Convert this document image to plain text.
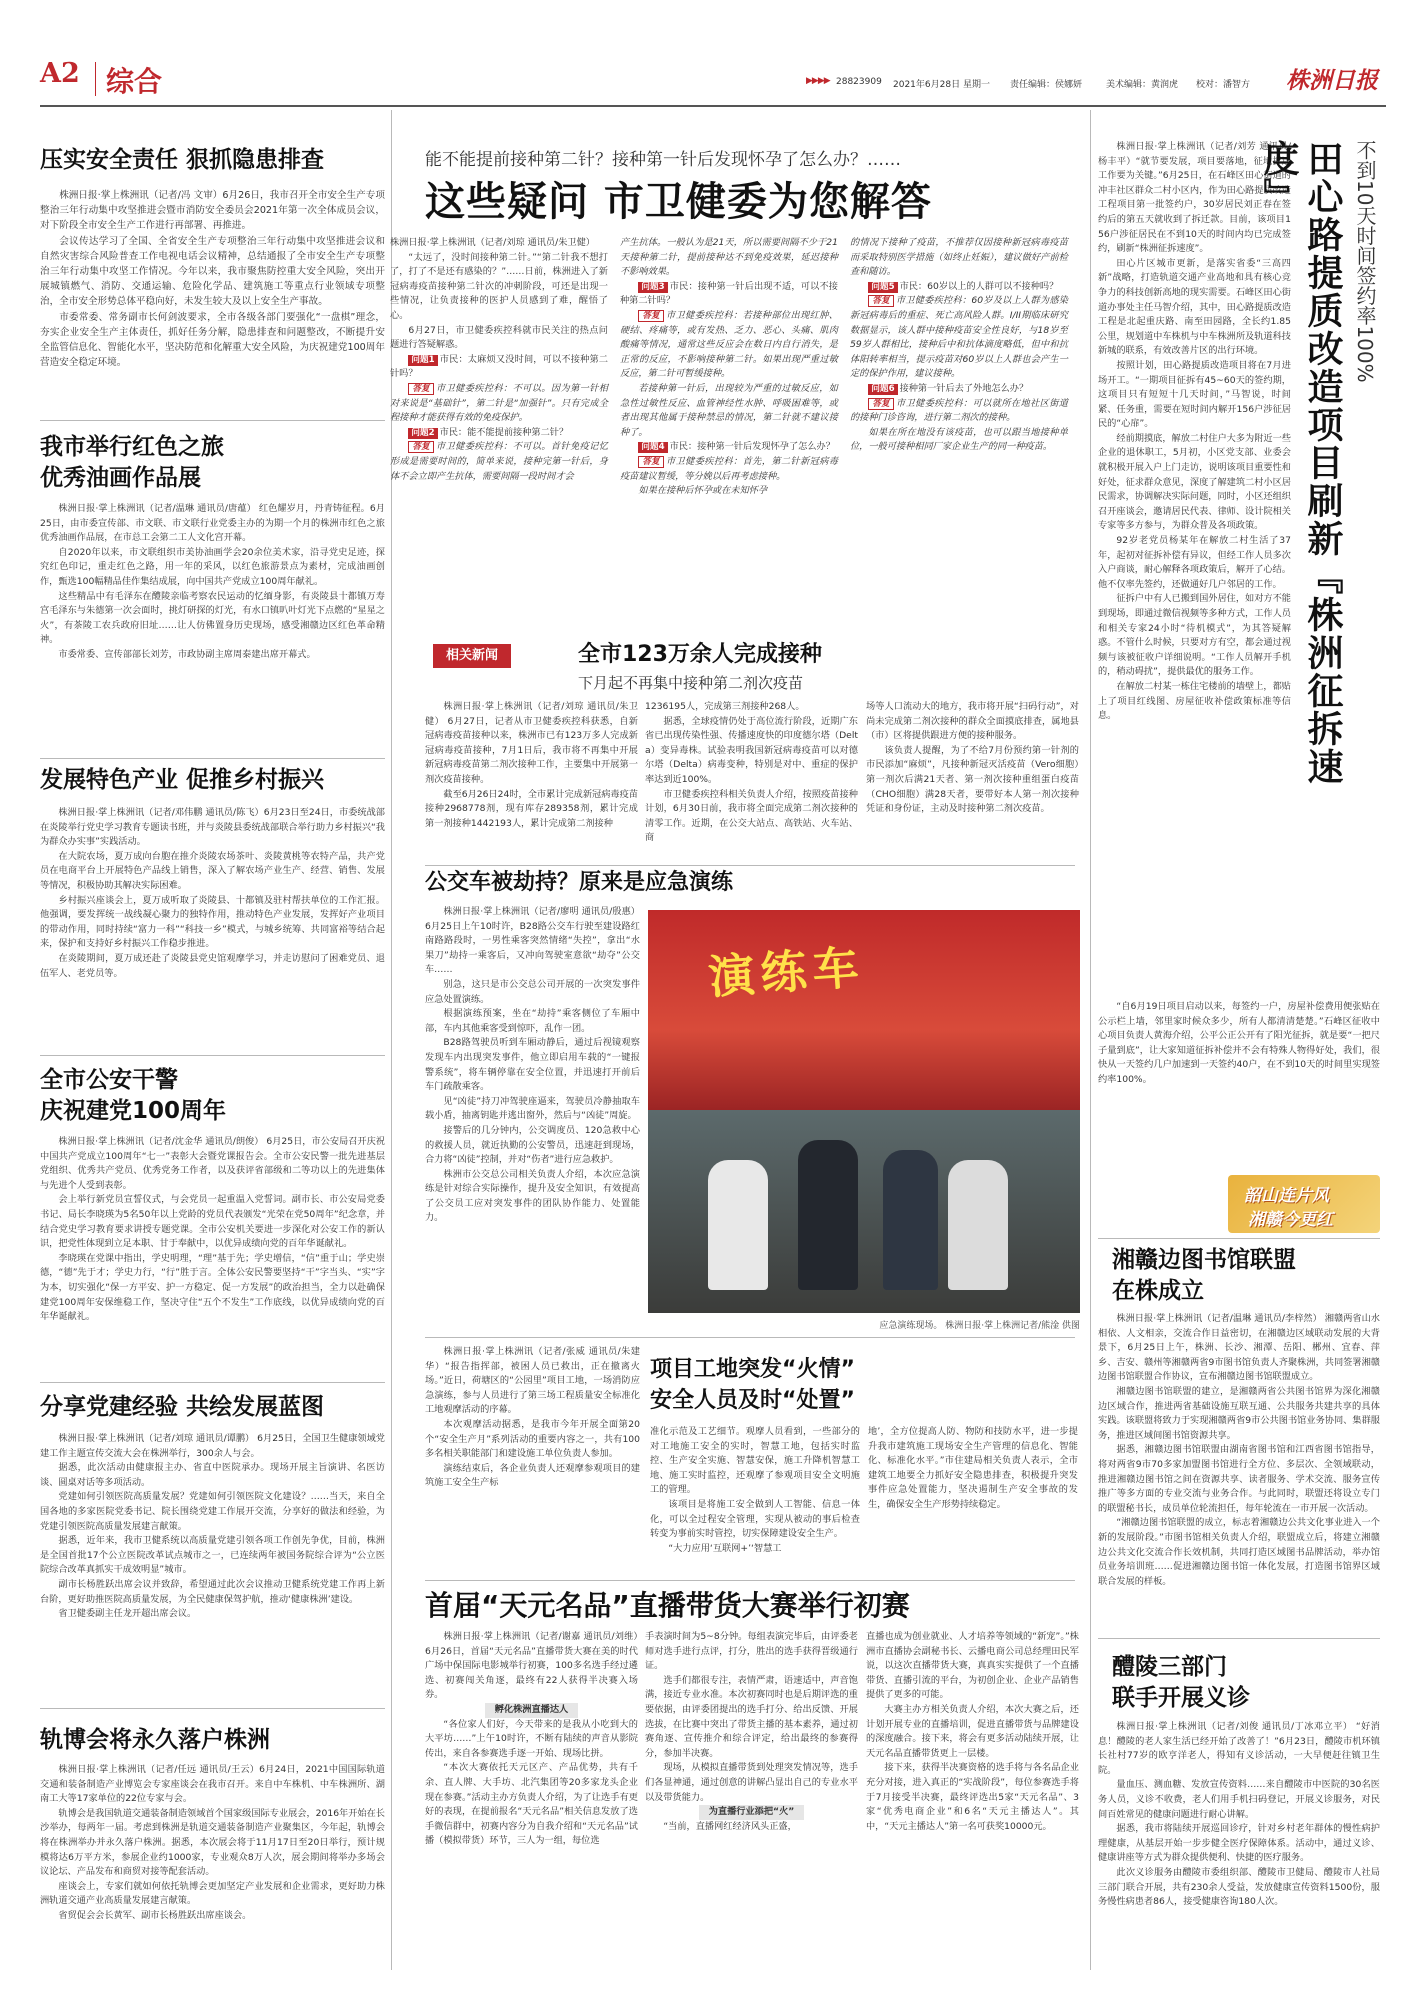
A2 综合	▶▶▶▶ 28823909	2021年6月28日 星期一	责任编辑：侯娜妍	美术编辑：黄润虎	校对：潘智方	株洲日报
压实安全责任 狠抓隐患排查

株洲日报·掌上株洲讯（记者/冯 文审）6月26日，我市召开全市安全生产专项整治三年行动集中攻坚推进会暨市消防安全委员会2021年第一次全体成员会议，对下阶段全市安全生产工作进行再部署、再推进。

会议传达学习了全国、全省安全生产专项整治三年行动集中攻坚推进会议和自然灾害综合风险普查工作电视电话会议精神，总结通报了全市安全生产专项整治三年行动集中攻坚工作情况。今年以来，我市聚焦防控重大安全风险，突出开展城镇燃气、消防、交通运输、危险化学品、建筑施工等重点行业领域专项整治，全市安全形势总体平稳向好，未发生较大及以上安全生产事故。

市委常委、常务副市长何剑波要求，全市各级各部门要强化“一盘棋”理念，夯实企业安全生产主体责任，抓好任务分解，隐患排查和问题整改，不断提升安全监管信息化、智能化水平，坚决防范和化解重大安全风险，为庆祝建党100周年营造安全稳定环境。

我市举行红色之旅
优秀油画作品展

株洲日报·掌上株洲讯（记者/温琳 通讯员/唐蕴） 红色耀岁月，丹青铸征程。6月25日，由市委宣传部、市文联、市文联行业党委主办的为期一个月的株洲市红色之旅优秀油画作品展，在市总工会第二工人文化宫开幕。

自2020年以来，市文联组织市美协油画学会20余位美术家，沿寻党史足迹，探究红色印记，重走红色之路，用一年的采风，以红色旅游景点为素材，完成油画创作，甄选100幅精品佳作集结成展，向中国共产党成立100周年献礼。

这些精品中有毛泽东在醴陵亲临考察农民运动的忆缅身影，有炎陵县十都镇万寿宫毛泽东与朱德第一次会面时，挑灯研探的灯光，有水口镇叭叶灯光下点燃的“星星之火”，有茶陵工农兵政府旧址……让人仿佛置身历史现场，感受湘赣边区红色革命精神。

市委常委、宣传部部长刘芳，市政协副主席周泰建出席开幕式。

发展特色产业 促推乡村振兴

株洲日报·掌上株洲讯（记者/邓伟鹏 通讯员/陈飞）6月23日至24日，市委统战部在炎陵举行党史学习教育专题读书班，并与炎陵县委统战部联合举行助力乡村振兴“我为群众办实事”实践活动。

在大院农场，夏万成向台胞在推介炎陵农场茶叶、炎陵黄桃等农特产品，共产党员在电商平台上开展特色产品线上销售，深入了解农场产业生产、经营、销售、发展等情况，积极协助其解决实际困难。

乡村振兴座谈会上，夏万成听取了炎陵县、十都镇及驻村帮扶单位的工作汇报。他强调，要发挥统一战线凝心聚力的独特作用，推动特色产业发展，发挥好产业项目的带动作用，同时持续“富力一科”“科技一乡”模式，与城乡统筹、共同富裕等结合起来，保护和支持好乡村振兴工作稳步推进。

在炎陵期间，夏万成还赴了炎陵县党史馆观摩学习，并走访慰问了困难党员、退伍军人、老党员等。

全市公安干警
庆祝建党100周年

株洲日报·掌上株洲讯（记者/沈金华 通讯员/朗俊） 6月25日，市公安局召开庆祝中国共产党成立100周年“七一”表彰大会暨党课报告会。全市公安民警一批先进基层党组织、优秀共产党员、优秀党务工作者，以及获评省部级和二等功以上的先进集体与先进个人受到表彰。

会上举行新党员宣誓仪式，与会党员一起重温入党誓词。副市长、市公安局党委书记、局长李晓瑛为5名50年以上党龄的党员代表颁发“光荣在党50周年”纪念章，并结合党史学习教育要求讲授专题党课。全市公安机关要进一步深化对公安工作的新认识，把党性体现到立足本职、甘于奉献中，以优异成绩向党的百年华诞献礼。

李晓瑛在党课中指出，学史明理，“理”基于先；学史增信，“信”重于山；学史崇德，“德”先于才；学史力行，“行”胜于言。全体公安民警要坚持“干”字当头、“实”字为本，切实强化“保一方平安、护一方稳定、促一方发展”的政治担当，全力以赴确保建党100周年安保维稳工作，坚决守住“五个不发生”工作底线，以优异成绩向党的百年华诞献礼。

分享党建经验 共绘发展蓝图

株洲日报·掌上株洲讯（记者/刘琼 通讯员/谭鹏） 6月25日，全国卫生健康领域党建工作主题宣传交流大会在株洲举行，300余人与会。

据悉，此次活动由健康报主办、省直中医院承办。现场开展主旨演讲、名医访谈、圆桌对话等多项活动。

党建如何引领医院高质量发展？党建如何引领医院文化建设？……当天，来自全国各地的多家医院党委书记、院长围绕党建工作展开交流，分享好的做法和经验，为党建引领医院高质量发展建言献策。

据悉，近年来，我市卫健系统以高质量党建引领各项工作创先争优，目前，株洲是全国首批17个公立医院改革试点城市之一，已连续两年被国务院综合评为“公立医院综合改革真抓实干成效明显”城市。

副市长杨胜跃出席会议并致辞，希望通过此次会议推动卫健系统党建工作再上新台阶，更好助推医院高质量发展，为全民健康保驾护航，推动‘健康株洲’建设。

省卫健委副主任龙开超出席会议。

轨博会将永久落户株洲

株洲日报·掌上株洲讯（记者/任远 通讯员/王云）6月24日，2021中国国际轨道交通和装备制造产业博览会专家座谈会在我市召开。来自中车株机、中车株洲所、湖南工大等17家单位的22位专家与会。

轨博会是我国轨道交通装备制造领域首个国家级国际专业展会，2016年开始在长沙举办，每两年一届。考虑到株洲是轨道交通装备制造产业聚集区，今年起，轨博会将在株洲举办并永久落户株洲。据悉，本次展会将于11月17日至20日举行，预计规模将达6万平方米，参展企业约1000家，专业观众8万人次，展会期间将举办多场会议论坛、产品发布和商贸对接等配套活动。

座谈会上，专家们就如何依托轨博会更加坚定产业发展和企业需求，更好助力株洲轨道交通产业高质量发展建言献策。

省贸促会会长黄军、副市长杨胜跃出席座谈会。

能不能提前接种第二针？接种第一针后发现怀孕了怎么办？……
这些疑问 市卫健委为您解答

株洲日报·掌上株洲讯（记者/刘琼 通讯员/朱卫健）

“太远了，没时间接种第二针。”“第二针我不想打了，打了不是还有感染的？”……日前，株洲进入了新冠病毒疫苗接种第二针次的冲刺阶段，可还是出现一些情况，让负责接种的医护人员感到了难，醒悟了心。

6月27日，市卫健委疾控科就市民关注的热点问题进行答疑解惑。

问题1 市民：太麻烦又没时间，可以不接种第二针吗？

答复 市卫健委疾控科：不可以。因为第一针相对来说是“基础针”，第二针是“加强针”。只有完成全程接种才能获得有效的免疫保护。

问题2 市民：能不能提前接种第二针？

答复 市卫健委疾控科：不可以。首针免疫记忆形成是需要时间的，简单来说，接种完第一针后，身体不会立即产生抗体，需要间隔一段时间才会

产生抗体。一般认为是21天，所以需要间隔不少于21天接种第二针，提前接种达不到免疫效果，延迟接种不影响效果。

问题3 市民：接种第一针后出现不适，可以不接种第二针吗？

答复 市卫健委疾控科：若接种部位出现红肿、硬结、疼痛等，或有发热、乏力、恶心、头痛、肌肉酸痛等情况，通常这些反应会在数日内自行消失，是正常的反应，不影响接种第二针。如果出现严重过敏反应，第二针可暂缓接种。

若接种第一针后，出现较为严重的过敏反应，如急性过敏性反应、血管神经性水肿、呼吸困难等，或者出现其他属于接种禁忌的情况，第二针就不建议接种了。

问题4 市民：接种第一针后发现怀孕了怎么办？

答复 市卫健委疾控科：首先，第二针新冠病毒疫苗建议暂缓，等分娩以后再考虑接种。

如果在接种后怀孕或在未知怀孕

的情况下接种了疫苗，不推荐仅因接种新冠病毒疫苗而采取特别医学措施（如终止妊娠），建议做好产前检查和随访。

问题5 市民：60岁以上的人群可以不接种吗？

答复 市卫健委疾控科：60岁及以上人群为感染新冠病毒后的重症、死亡高风险人群。I/II期临床研究数据显示，该人群中接种疫苗安全性良好，与18岁至59岁人群相比，接种后中和抗体滴度略低，但中和抗体阳转率相当，提示疫苗对60岁以上人群也会产生一定的保护作用，建议接种。

问题6 接种第一针后去了外地怎么办？

答复 市卫健委疾控科：可以就所在地社区街道的接种门诊咨询，进行第二剂次的接种。

如果在所在地没有该疫苗，也可以跟当地接种单位，一般可接种相同厂家企业生产的同一种疫苗。

相关新闻	全市123万余人完成接种
下月起不再集中接种第二剂次疫苗

株洲日报·掌上株洲讯（记者/刘琼 通讯员/朱卫健） 6月27日，记者从市卫健委疾控科获悉，自新冠病毒疫苗接种以来，株洲市已有123万多人完成新冠病毒疫苗接种，7月1日后，我市将不再集中开展新冠病毒疫苗第二剂次接种工作，主要集中开展第一剂次疫苗接种。

截至6月26日24时，全市累计完成新冠病毒疫苗接种2968778剂，现有库存289358剂，累计完成第一剂接种1442193人，累计完成第二剂接种

1236195人，完成第三剂接种268人。

据悉，全球疫情仍处于高位流行阶段，近期广东省已出现传染性强、传播速度快的印度德尔塔（Delta）变异毒株。试验表明我国新冠病毒疫苗可以对德尔塔（Delta）病毒变种，特别是对中、重症的保护率达到近100%。

市卫健委疾控科相关负责人介绍，按照疫苗接种计划，6月30日前，我市将全面完成第二剂次接种的清零工作。近期，在公交大站点、高铁站、火车站、商

场等人口流动大的地方，我市将开展“扫码行动”，对尚未完成第二剂次接种的群众全面摸底排查，属地县（市）区将提供跟进方便的接种服务。

该负责人提醒，为了不给7月份预约第一针剂的市民添加“麻烦”，凡接种新冠灭活疫苗（Vero细胞）第一剂次后满21天者、第一剂次接种重组蛋白疫苗（CHO细胞）满28天者，要带好本人第一剂次接种凭证和身份证，主动及时接种第二剂次疫苗。

公交车被劫持？原来是应急演练

株洲日报·掌上株洲讯（记者/廖明 通讯员/殷惠） 6月25日上午10时许，B28路公交车行驶至建设路红南路路段时，一男性乘客突然情绪“失控”，拿出“水果刀”劫持一乘客后，又冲向驾驶室意欲“劫夺”公交车……

别急，这只是市公交总公司开展的一次突发事件应急处置演练。

根据演练预案，坐在“劫持”乘客侧位了车厢中部，车内其他乘客受到惊吓，乱作一团。

B28路驾驶员听到车厢动静后，通过后视镜观察发现车内出现突发事件，他立即启用车载的“一键报警系统”，将车辆停靠在安全位置，并迅速打开前后车门疏散乘客。

见“凶徒”持刀冲驾驶座逼来，驾驶员冷静抽取车载小盾，抽离钥匙并逃出窗外，然后与“凶徒”周旋。

接警后的几分钟内，公交调度员、120急救中心的救援人员，就近执勤的公安警员，迅速赶到现场，合力将“凶徒”控制，并对“伤者”进行应急救护。

株洲市公交总公司相关负责人介绍，本次应急演练是针对综合实际操作，提升及安全知识，有效提高了公交员工应对突发事件的团队协作能力、处置能力。

演练车
应急演练现场。 株洲日报·掌上株洲记者/熊淦 供图

株洲日报·掌上株洲讯（记者/张威 通讯员/朱建华）“报告指挥部，被困人员已救出，正在撤离火场。”近日，荷塘区的“公园里”项目工地，一场消防应急演练，参与人员进行了第三场工程质量安全标准化工地观摩活动的序幕。

本次观摩活动据悉，是我市今年开展全面第20个“安全生产月”系列活动的重要内容之一，共有100多名相关职能部门和建设施工单位负责人参加。

演练结束后，各企业负责人还观摩参观项目的建筑施工安全生产标

项目工地突发“火情”
安全人员及时“处置”

准化示范及工艺细节。观摩人员看到，一些部分的对工地施工安全的实时，智慧工地，包括实时监控、生产安全实施、智慧安保，施工升降机智慧工地、施工实时监控，还观摩了参观项目安全文明施工的管理。

该项目是将施工安全做到人工智能、信息一体化，可以全过程安全管理，实现从被动的事后检查转变为事前实时管控，切实保障建设安全生产。

“大力应用‘互联网+’‘智慧工

地’，全方位提高人防、物防和技防水平，进一步提升我市建筑施工现场安全生产管理的信息化、智能化、标准化水平。”市住建局相关负责人表示，全市建筑工地要全力抓好安全隐患排查，积极提升突发事件应急处置能力，坚决遏制生产安全事故的发生，确保安全生产形势持续稳定。

首届“天元名品”直播带货大赛举行初赛

株洲日报·掌上株洲讯（记者/谢嘉 通讯员/刘维）6月26日，首届“天元名品”直播带货大赛在美的时代广场中保国际电影城举行初赛，100多名选手经过遴选、初赛闯关角逐，最终有22人获得半决赛入场券。

孵化株洲直播达人

“各位家人们好，今天带来的是我从小吃到大的大平坊……”上午10时许，不断有陆续的声音从影院传出，来自各参赛选手逐一开始、现场比拼。

“本次大赛依托天元区产、产品优势，共有千余、直人牌、大手坊、北汽集团等20多家龙头企业现在参赛。”活动主办方负责人介绍，为了让选手有更好的表现，在提前报名“天元名品”相关信息发放了选手微信群中，初赛内容分为自我介绍和“天元名品”试播（模拟带货）环节，三人为一组，每位选

手表演时间为5~8分钟。每组表演完毕后，由评委老师对选手进行点评，打分，胜出的选手获得晋级通行证。

选手们都很专注，表情严肃，语速适中，声音饱满，接近专业水准。本次初赛同时也是后期评选的重要依据，由评委团提出的选手打分、给出反馈、开展选拔，在比赛中突出了带货主播的基本素养，通过初赛角逐、宣传推介和综合评定，给出最终的参赛得分，参加半决赛。

现场，从模拟直播带货到处理突发情况等，选手们各显神通，通过创意的讲解凸显出自己的专业水平以及带货能力。

为直播行业添把“火”

“当前，直播网红经济风头正盛，

直播也成为创业就业、人才培养等领域的“新宠”。”株洲市直播协会副秘书长、云播电商公司总经理田民军说，以这次直播带货大赛，真真实实提供了一个直播带货、直播引流的平台，为初创企业、企业产品销售提供了更多的可能。

大赛主办方相关负责人介绍，本次大赛之后，还计划开展专业的直播培训，促进直播带货与品牌建设的深度融合。接下来，将会有更多活动陆续开展，让天元名品直播带货更上一层楼。

接下来，获得半决赛资格的选手将与各名品企业充分对接，进入真正的“实战阶段”，每位参赛选手将于7月接受半决赛，最终评选出5家“天元名品”、3家“优秀电商企业”和6名“天元主播达人”。其中，“天元主播达人”第一名可获奖10000元。

株洲日报·掌上株洲讯（记者/刘芳 通讯员/杨丰平）“就节要发展，项目要落地，征地拆迁工作要为关键。”6月25日，在石峰区田心街道的冲丰社区群众二村小区内，作为田心路提质改造工程项目第一批签约户，30岁居民刘正春在签约后的第五天就收到了拆迁款。目前，该项目156户涉征居民在不到10天的时间内均已完成签约，刷新“株洲征拆速度”。

田心片区城市更新，是落实省委“三高四新”战略，打造轨道交通产业高地和具有核心竞争力的科技创新高地的现实需要。石峰区田心街道办事处主任马智介绍，其中，田心路提质改造工程是北起重庆路、南至田园路，全长约1.85公里，规划道中车株机与中车株洲所及轨道科技新城的联系，有效改善片区的出行环境。

按照计划，田心路提质改造项目将在7月进场开工。“一期项目征拆有45~60天的签约期，这项目只有短短十几天时间，”马智说，时间紧、任务重，需要在短时间内解开156户涉征居民的“心扉”。

经前期摸底，解放二村住户大多为附近一些企业的退休职工，5月初，小区党支部、业委会就积极开展入户上门走访，说明该项目重要性和好处，征求群众意见，深度了解建筑二村小区居民需求，协调解决实际问题，同时，小区还组织召开座谈会，邀请居民代表、律师、设计院相关专家等多方参与，为群众普及各项政策。

92岁老党员杨某年在解放二村生活了37年，起初对征拆补偿有异议，但经工作人员多次入户商谈，耐心解释各项政策后，解开了心结。他不仅率先签约，还做通好几户邻居的工作。

征拆户中有人已搬到国外居住，如对方不能到现场，即通过微信视频等多种方式，工作人员和相关专家24小时“待机模式”，为其答疑解惑。不管什么时候，只要对方有空，都会通过视频与该被征收户详细说明。“工作人员解开手机的，稍动碍扰”，提供最优的服务工作。

在解放二村某一栋住宅楼前的墙壁上，都贴上了项目红线图、房屋征收补偿政策标准等信息。

“自6月19日项目启动以来，每签约一户，房屋补偿费用便张贴在公示栏上墙，邻里家时候众多少，所有人都清清楚楚。”石峰区征收中心项目负责人黄海介绍，公平公正公开有了阳光征拆，就是要“一把尺子量到底”，让大家知道征拆补偿并不会有特殊人物得好处，我们，很快从一天签约几户加速到一天签约40户，在不到10天的时间里实现签约率100%。

田心路提质改造项目刷新『株洲征拆速度』	不到10天时间签约率100%
韶山连片风
湘赣今更红
湘赣边图书馆联盟
在株成立

株洲日报·掌上株洲讯（记者/温琳 通讯员/李梓然） 湘赣两省山水相依、人文相亲，交流合作日益密切，在湘赣边区域联动发展的大背景下，6月25日上午，株洲、长沙、湘潭、岳阳、郴州、宜春、萍乡、吉安、赣州等湘赣两省9市图书馆负责人齐聚株洲，共同签署湘赣边图书馆联盟合作协议，宣布湘赣边图书馆联盟成立。

湘赣边图书馆联盟的建立，是湘赣两省公共图书馆界为深化湘赣边区域合作，推进两省基础设施互联互通、公共服务共建共享的具体实践。该联盟将致力于实现湘赣两省9市公共图书馆业务协同、集群服务，推进区域间图书馆资源共享。

据悉，湘赣边图书馆联盟由湖南省图书馆和江西省图书馆指导，将对两省9市70多家加盟图书馆进行全方位、多层次、全领域联动，推进湘赣边图书馆之间在资源共享、读者服务、学术交流、服务宣传推广等多方面的专业交流与业务合作。与此同时，联盟还将设立专门的联盟秘书长，成员单位轮流担任，每年轮流在一市开展一次活动。

“湘赣边图书馆联盟的成立，标志着湘赣边公共文化事业进入一个新的发展阶段。”市图书馆相关负责人介绍，联盟成立后，将建立湘赣边公共文化交流合作长效机制，共同打造区域图书品牌活动，举办馆员业务培训班……促进湘赣边图书馆一体化发展，打造图书馆界区域联合发展的样板。

醴陵三部门
联手开展义诊

株洲日报·掌上株洲讯（记者/刘俊 通讯员/丁冰邓立平） “好消息！醴陵的老人家生活已经开始了改善了！”6月23日，醴陵市机环镇长社村77岁的欧亨洋老人，得知有义诊活动，一大早便赶往镇卫生院。

量血压、测血糖、发放宣传资料……来自醴陵市中医院的30名医务人员，义诊不收费，老人们用手机扫码登记，开展义诊服务，对民间百姓常见的健康问题进行耐心讲解。

据悉，我市将陆续开展巡回诊疗，针对乡村老年群体的慢性病护理健康，从基层开始一步步健全医疗保障体系。活动中，通过义诊、健康讲座等方式为群众提供便利、快捷的医疗服务。

此次义诊服务由醴陵市委组织部、醴陵市卫健局、醴陵市人社局三部门联合开展，共有230余人受益，发放健康宣传资料1500份，服务慢性病患者86人，接受健康咨询180人次。
